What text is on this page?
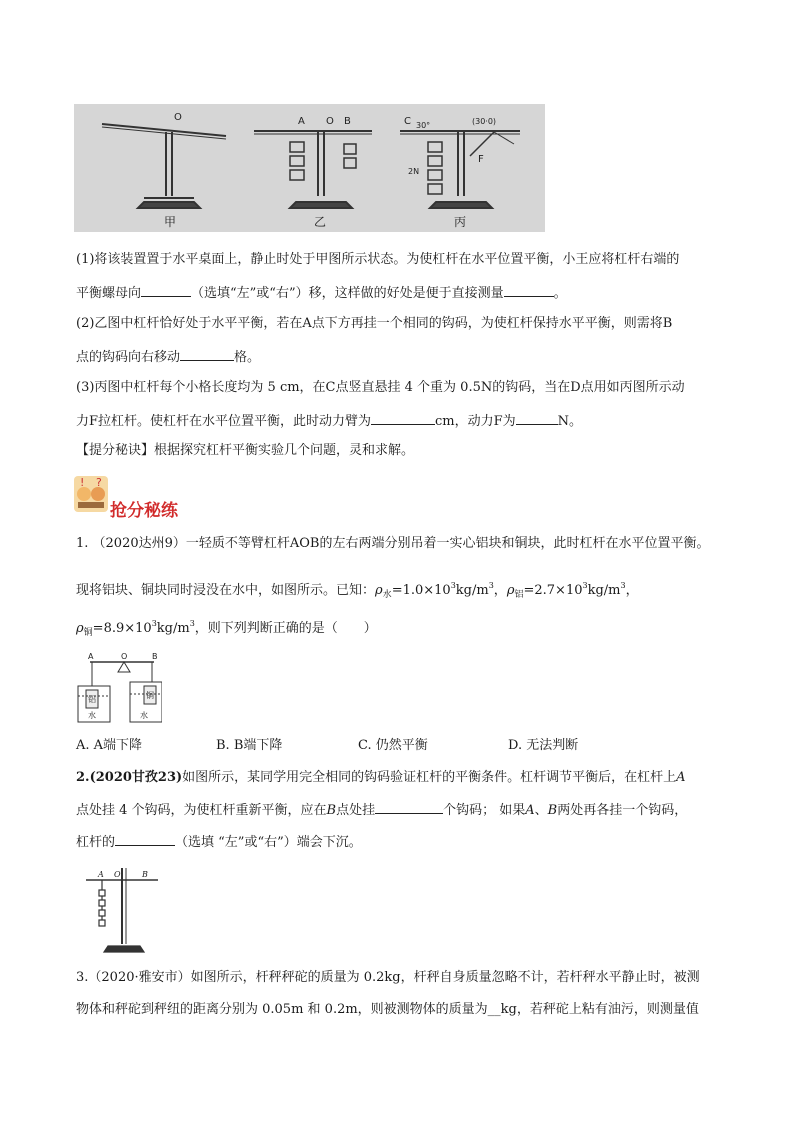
O	A O B	C 30°	(30·0)
F
2N
甲	乙	丙
(1)将该装置置于水平桌面上，静止时处于甲图所示状态。为使杠杆在水平位置平衡，小王应将杠杆右端的
平衡螺母向	（选填“左”或“右”）移，这样做的好处是便于直接测量	。
(2)乙图中杠杆恰好处于水平平衡，若在A点下方再挂一个相同的钩码，为使杠杆保持水平平衡，则需将B
点的钩码向右移动	格。
(3)丙图中杠杆每个小格长度均为 5 cm，在C点竖直悬挂 4 个重为 0.5N的钩码，当在D点用如丙图所示动
力F拉杠杆。使杠杆在水平位置平衡，此时动力臂为	cm，动力F为	N。
【提分秘诀】根据探究杠杆平衡实验几个问题，灵和求解。
?
!
抢分秘练
1. （2020达州9）一轻质不等臂杠杆AOB的左右两端分别吊着一实心铝块和铜块，此时杠杆在水平位置平衡。
现将铝块、铜块同时浸没在水中，如图所示。已知：$\rho_水=1.0\times 10^3kg/m^3$，$\rho_铝=2.7\times 10^3kg/m^3$，
$\rho_铜=8.9\times 10^3kg/m^3$，则下列判断正确的是（　　）
A	O	B
铝	铜
水	水
A. A端下降	B. B端下降	C. 仍然平衡	D. 无法判断
2.(2020甘孜23)如图所示，某同学用完全相同的钩码验证杠杆的平衡条件。杠杆调节平衡后，在杠杆上A
点处挂 4 个钩码，为使杠杆重新平衡，应在B点处挂	个钩码； 如果A、B两处再各挂一个钩码，
杠杆的	（选填 “左”或“右”）端会下沉。
A O	B
3.（2020·雅安市）如图所示，杆秤秤砣的质量为 0.2kg，杆秤自身质量忽略不计，若杆秤水平静止时，被测
物体和秤砣到秤纽的距离分别为 0.05m 和 0.2m，则被测物体的质量为__kg，若秤砣上粘有油污，则测量值
